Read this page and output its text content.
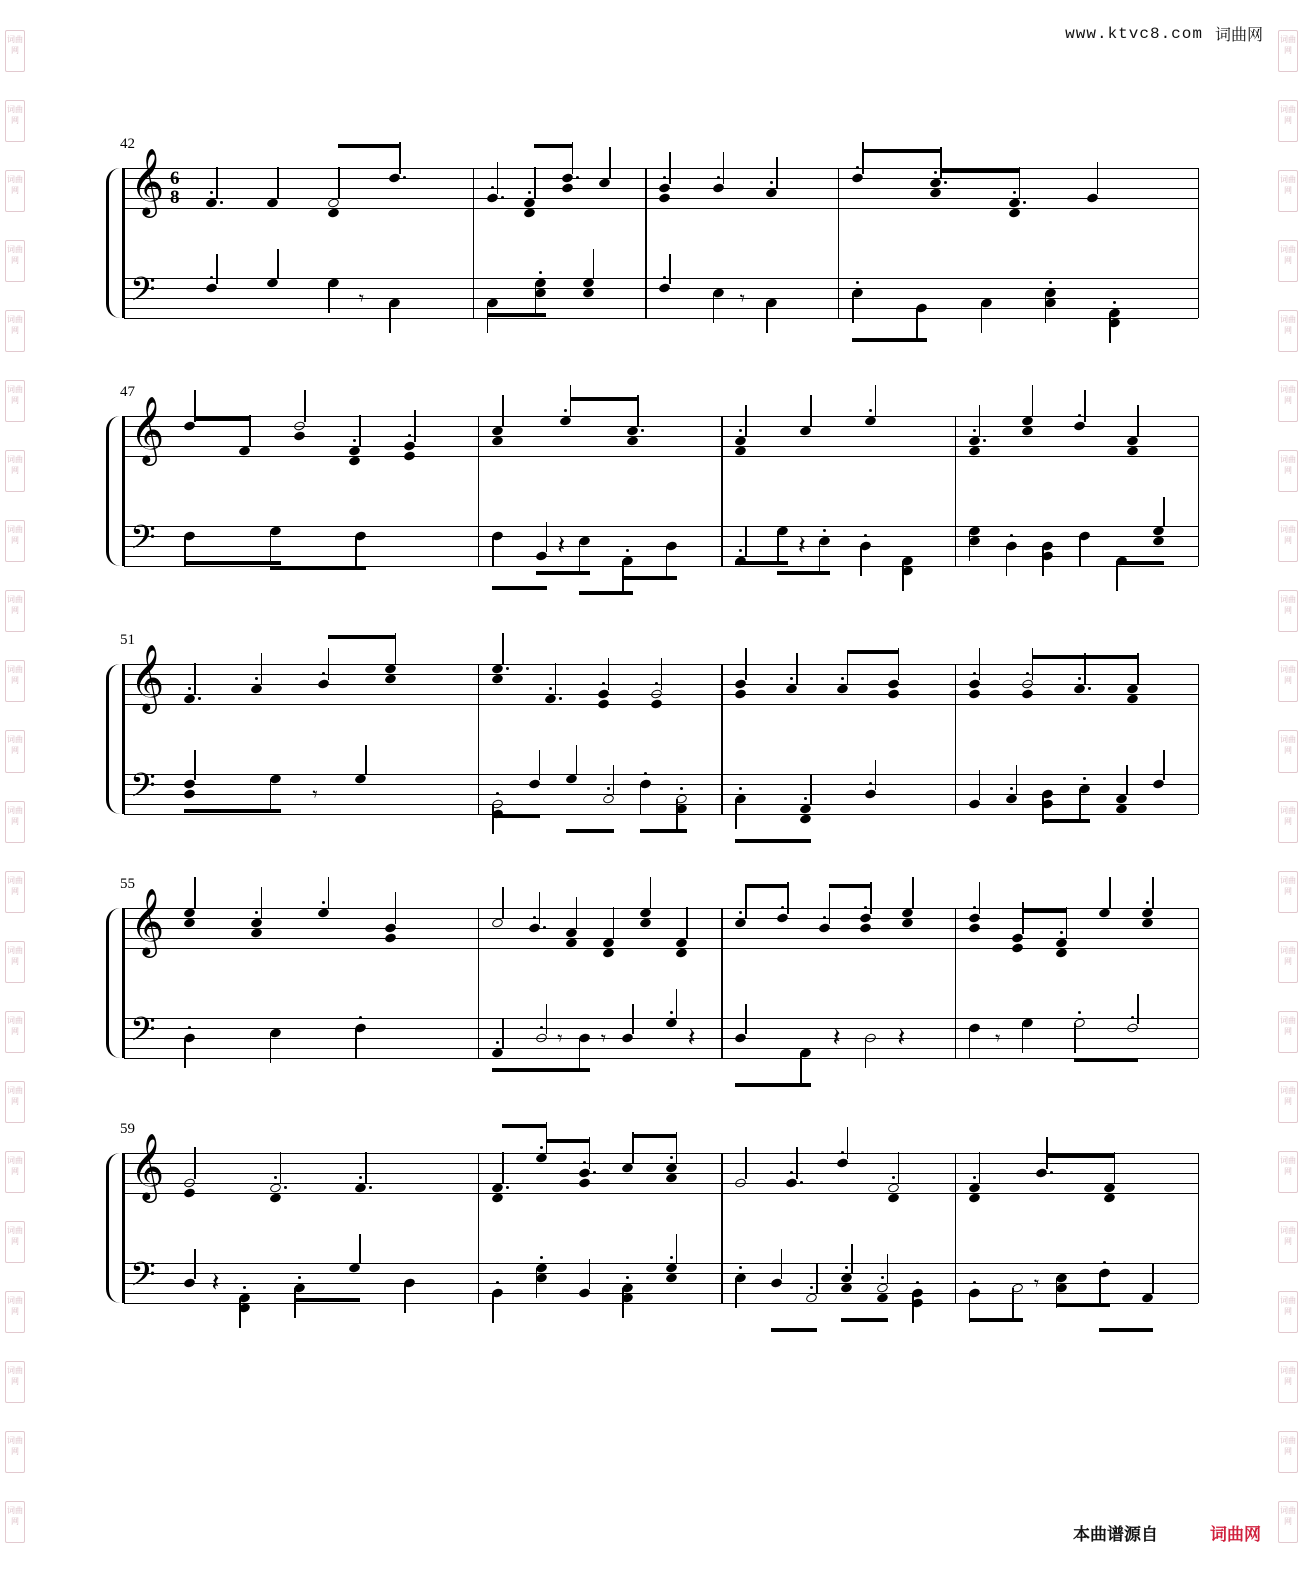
词曲网
词曲网
词曲网
词曲网
词曲网
词曲网
词曲网
词曲网
词曲网
词曲网
词曲网
词曲网
词曲网
词曲网
词曲网
词曲网
词曲网
词曲网
词曲网
词曲网
词曲网
词曲网
词曲网
词曲网
词曲网
词曲网
词曲网
词曲网
词曲网
词曲网
词曲网
词曲网
词曲网
词曲网
词曲网
词曲网
词曲网
词曲网
词曲网
词曲网
词曲网
词曲网
词曲网
词曲网
www.ktvc8.com 词曲网
42
𝄞
𝄢
6
8
𝄾	𝄾
47
𝄞
𝄢	𝄽	𝄽
51
𝄞
𝄢	𝄾
55
𝄞
𝄢	𝄾 𝄾	𝄽	𝄽 𝄽	𝄾
59
𝄞
𝄢 𝄽	𝄾
本曲谱源自	词曲网
